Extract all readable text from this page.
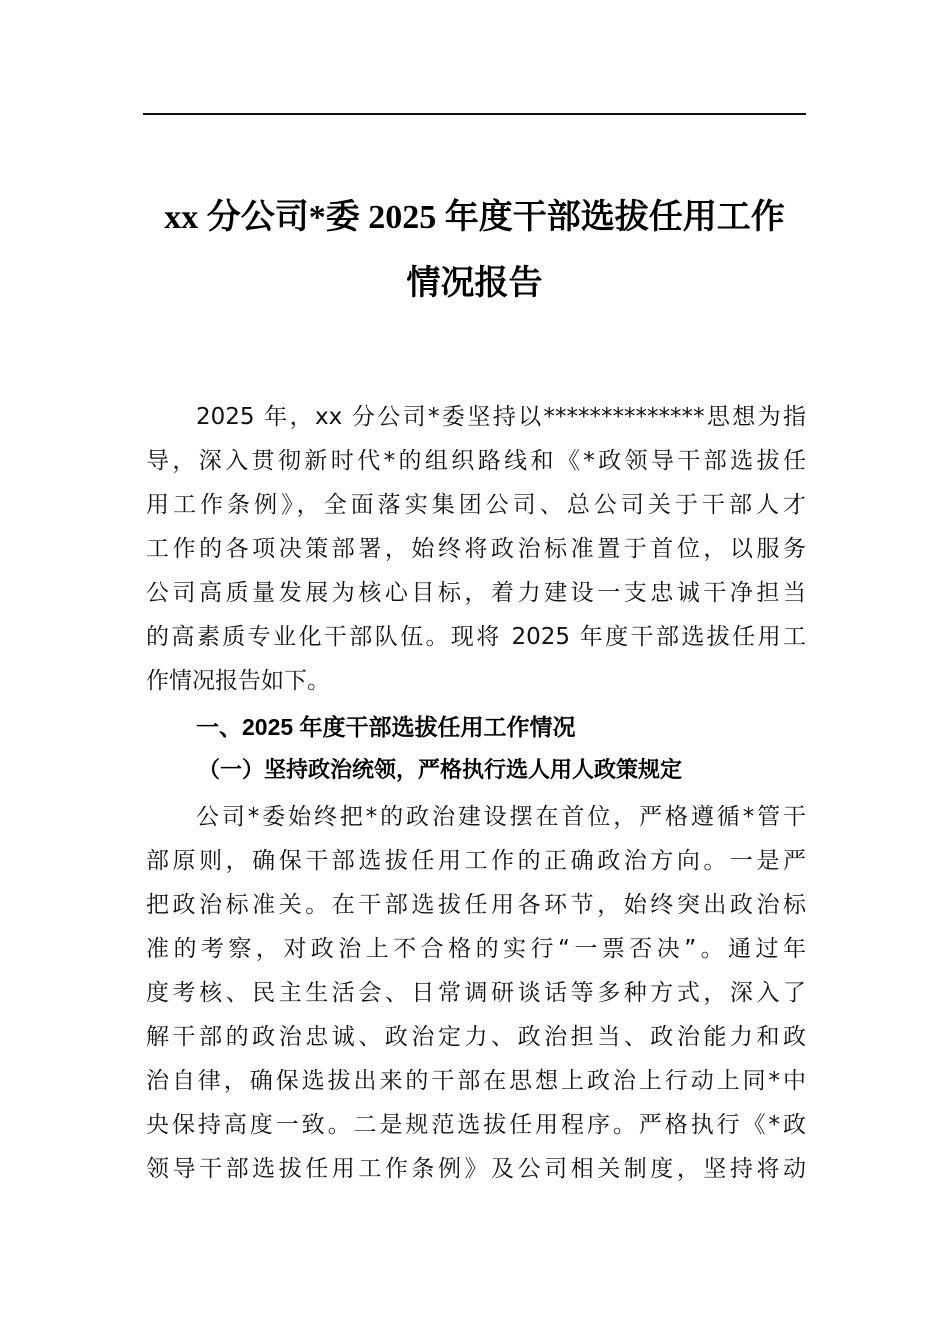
xx 分公司*委 2025 年度干部选拔任用工作
情况报告
2025 年，xx 分公司*委坚持以**************思想为指
导，深入贯彻新时代*的组织路线和《*政领导干部选拔任
用工作条例》，全面落实集团公司、总公司关于干部人才
工作的各项决策部署，始终将政治标准置于首位，以服务
公司高质量发展为核心目标，着力建设一支忠诚干净担当
的高素质专业化干部队伍。现将 2025 年度干部选拔任用工
作情况报告如下。
一、2025 年度干部选拔任用工作情况
（一）坚持政治统领，严格执行选人用人政策规定
公司*委始终把*的政治建设摆在首位，严格遵循*管干
部原则，确保干部选拔任用工作的正确政治方向。一是严
把政治标准关。在干部选拔任用各环节，始终突出政治标
准的考察，对政治上不合格的实行“一票否决”。通过年
度考核、民主生活会、日常调研谈话等多种方式，深入了
解干部的政治忠诚、政治定力、政治担当、政治能力和政
治自律，确保选拔出来的干部在思想上政治上行动上同*中
央保持高度一致。二是规范选拔任用程序。严格执行《*政
领导干部选拔任用工作条例》及公司相关制度，坚持将动
